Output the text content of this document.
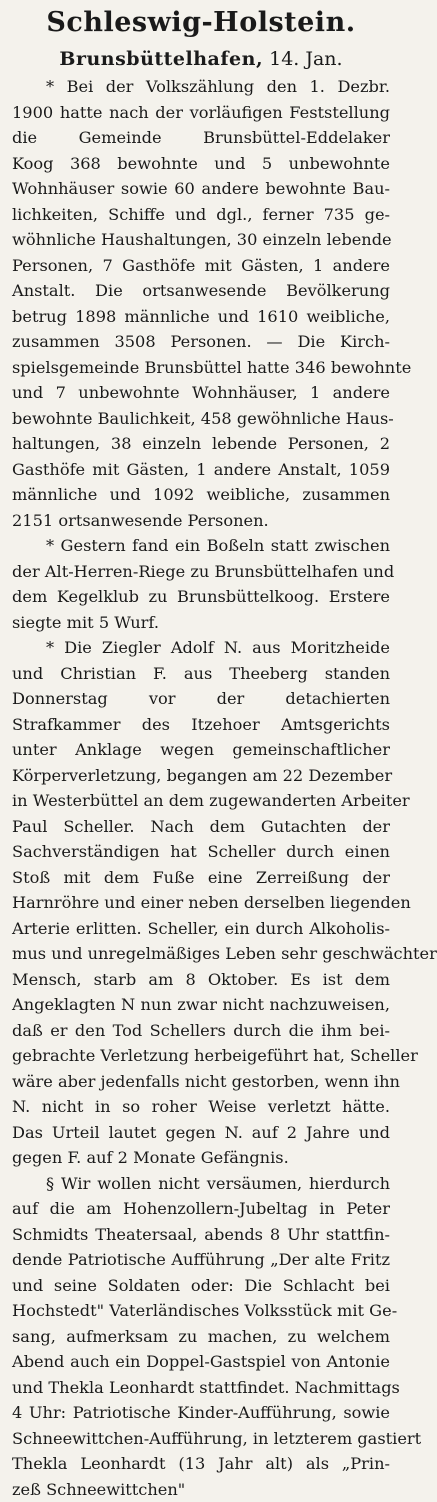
Schleswig-Holstein.
Brunsbüttelhafen, 14. Jan.

* Bei der Volkszählung den 1. Dezbr.
1900 hatte nach der vorläufigen Feststellung
die Gemeinde Brunsbüttel-Eddelaker
Koog 368 bewohnte und 5 unbewohnte
Wohnhäuser sowie 60 andere bewohnte Bau-
lichkeiten, Schiffe und dgl., ferner 735 ge-
wöhnliche Haushaltungen, 30 einzeln lebende
Personen, 7 Gasthöfe mit Gästen, 1 andere
Anstalt. Die ortsanwesende Bevölkerung
betrug 1898 männliche und 1610 weibliche,
zusammen 3508 Personen. — Die Kirch-
spielsgemeinde Brunsbüttel hatte 346 bewohnte
und 7 unbewohnte Wohnhäuser, 1 andere
bewohnte Baulichkeit, 458 gewöhnliche Haus-
haltungen, 38 einzeln lebende Personen, 2
Gasthöfe mit Gästen, 1 andere Anstalt, 1059
männliche und 1092 weibliche, zusammen
2151 ortsanwesende Personen.

* Gestern fand ein Boßeln statt zwischen
der Alt-Herren-Riege zu Brunsbüttelhafen und
dem Kegelklub zu Brunsbüttelkoog. Erstere
siegte mit 5 Wurf.

* Die Ziegler Adolf N. aus Moritzheide
und Christian F. aus Theeberg standen
Donnerstag vor der detachierten
Strafkammer des Itzehoer Amtsgerichts
unter Anklage wegen gemeinschaftlicher
Körperverletzung, begangen am 22 Dezember
in Westerbüttel an dem zugewanderten Arbeiter
Paul Scheller. Nach dem Gutachten der
Sachverständigen hat Scheller durch einen
Stoß mit dem Fuße eine Zerreißung der
Harnröhre und einer neben derselben liegenden
Arterie erlitten. Scheller, ein durch Alkoholis-
mus und unregelmäßiges Leben sehr geschwächter
Mensch, starb am 8 Oktober. Es ist dem
Angeklagten N nun zwar nicht nachzuweisen,
daß er den Tod Schellers durch die ihm bei-
gebrachte Verletzung herbeigeführt hat, Scheller
wäre aber jedenfalls nicht gestorben, wenn ihn
N. nicht in so roher Weise verletzt hätte.
Das Urteil lautet gegen N. auf 2 Jahre und
gegen F. auf 2 Monate Gefängnis.

§ Wir wollen nicht versäumen, hierdurch
auf die am Hohenzollern-Jubeltag in Peter
Schmidts Theatersaal, abends 8 Uhr stattfin-
dende Patriotische Aufführung „Der alte Fritz
und seine Soldaten oder: Die Schlacht bei
Hochstedt" Vaterländisches Volksstück mit Ge-
sang, aufmerksam zu machen, zu welchem
Abend auch ein Doppel-Gastspiel von Antonie
und Thekla Leonhardt stattfindet. Nachmittags
4 Uhr: Patriotische Kinder-Aufführung, sowie
Schneewittchen-Aufführung, in letzterem gastiert
Thekla Leonhardt (13 Jahr alt) als „Prin-
zeß Schneewittchen"
